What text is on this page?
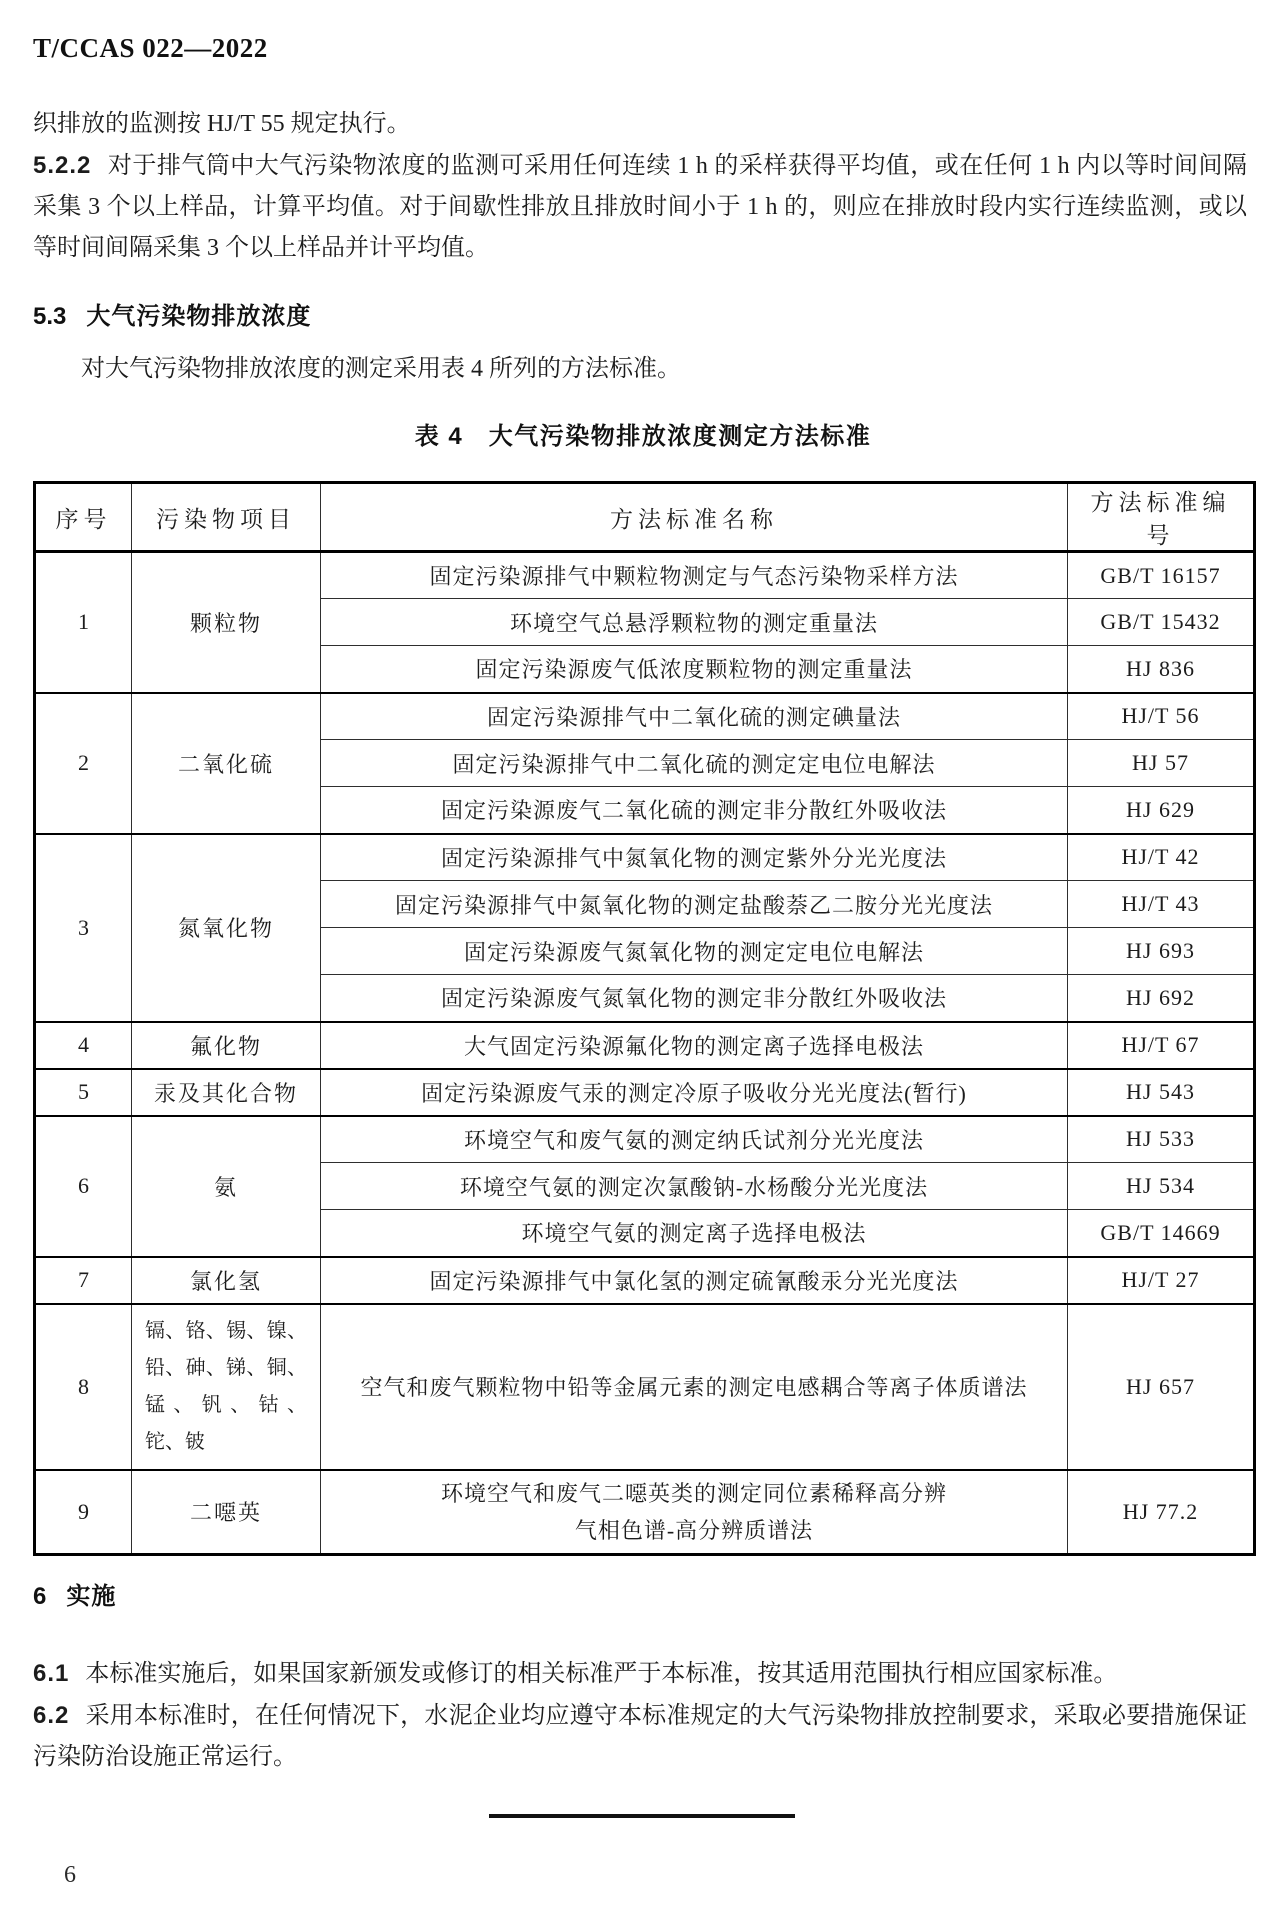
T/CCAS 022—2022

织排放的监测按 HJ/T 55 规定执行。

5.2.2 对于排气筒中大气污染物浓度的监测可采用任何连续 1 h 的采样获得平均值，或在任何 1 h 内以等时间间隔采集 3 个以上样品，计算平均值。对于间歇性排放且排放时间小于 1 h 的，则应在排放时段内实行连续监测，或以等时间间隔采集 3 个以上样品并计平均值。

5.3 大气污染物排放浓度

对大气污染物排放浓度的测定采用表 4 所列的方法标准。

表 4　大气污染物排放浓度测定方法标准
序号	污染物项目	方法标准名称	方法标准编号
1	颗粒物	固定污染源排气中颗粒物测定与气态污染物采样方法	GB/T 16157
		环境空气总悬浮颗粒物的测定重量法	GB/T 15432
		固定污染源废气低浓度颗粒物的测定重量法	HJ 836
2	二氧化硫	固定污染源排气中二氧化硫的测定碘量法	HJ/T 56
		固定污染源排气中二氧化硫的测定定电位电解法	HJ 57
		固定污染源废气二氧化硫的测定非分散红外吸收法	HJ 629
3	氮氧化物	固定污染源排气中氮氧化物的测定紫外分光光度法	HJ/T 42
		固定污染源排气中氮氧化物的测定盐酸萘乙二胺分光光度法	HJ/T 43
		固定污染源废气氮氧化物的测定定电位电解法	HJ 693
		固定污染源废气氮氧化物的测定非分散红外吸收法	HJ 692
4	氟化物	大气固定污染源氟化物的测定离子选择电极法	HJ/T 67
5	汞及其化合物	固定污染源废气汞的测定冷原子吸收分光光度法(暂行)	HJ 543
6	氨	环境空气和废气氨的测定纳氏试剂分光光度法	HJ 533
		环境空气氨的测定次氯酸钠-水杨酸分光光度法	HJ 534
		环境空气氨的测定离子选择电极法	GB/T 14669
7	氯化氢	固定污染源排气中氯化氢的测定硫氰酸汞分光光度法	HJ/T 27
8	镉、铬、锡、镍、
铅、砷、锑、铜、
锰、钒、钴、
铊、铍	空气和废气颗粒物中铅等金属元素的测定电感耦合等离子体质谱法	HJ 657
9	二噁英	环境空气和废气二噁英类的测定同位素稀释高分辨
气相色谱-高分辨质谱法	HJ 77.2
6 实施

6.1 本标准实施后，如果国家新颁发或修订的相关标准严于本标准，按其适用范围执行相应国家标准。

6.2 采用本标准时，在任何情况下，水泥企业均应遵守本标准规定的大气污染物排放控制要求，采取必要措施保证污染防治设施正常运行。

6
